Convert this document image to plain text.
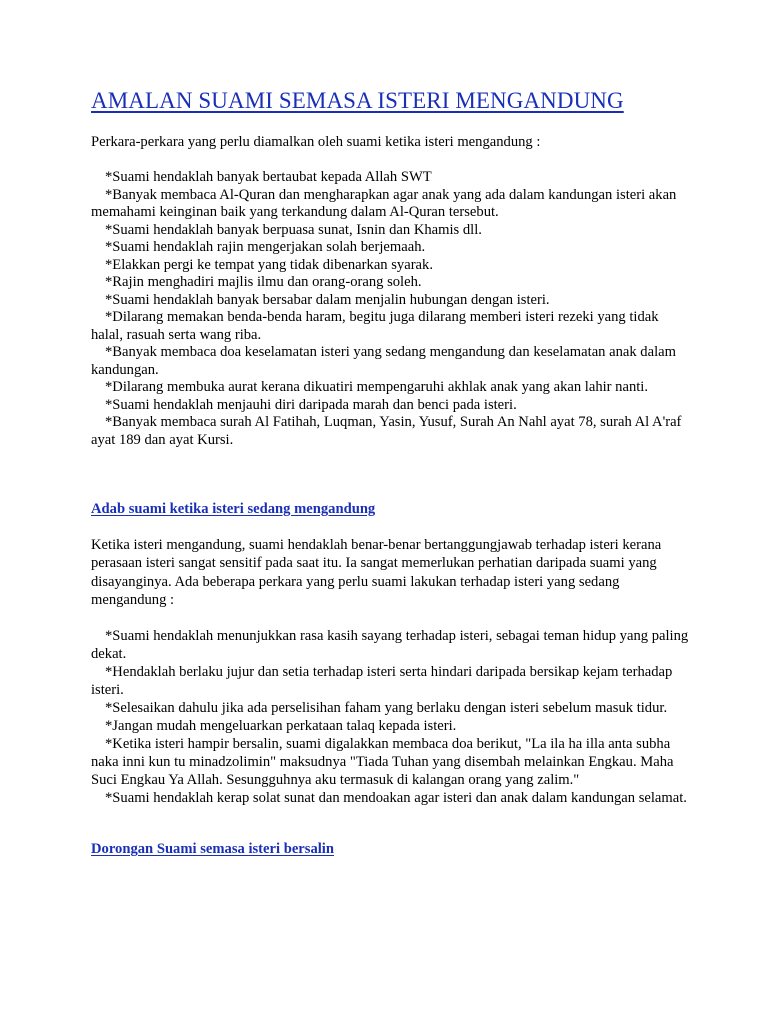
AMALAN SUAMI SEMASA ISTERI MENGANDUNG

Perkara-perkara yang perlu diamalkan oleh suami ketika isteri mengandung :

*Suami hendaklah banyak bertaubat kepada Allah SWT
*Banyak membaca Al-Quran dan mengharapkan agar anak yang ada dalam kandungan isteri akan memahami keinginan baik yang terkandung dalam Al-Quran tersebut.
*Suami hendaklah banyak berpuasa sunat, Isnin dan Khamis dll.
*Suami hendaklah rajin mengerjakan solah berjemaah.
*Elakkan pergi ke tempat yang tidak dibenarkan syarak.
*Rajin menghadiri majlis ilmu dan orang-orang soleh.
*Suami hendaklah banyak bersabar dalam menjalin hubungan dengan isteri.
*Dilarang memakan benda-benda haram, begitu juga dilarang memberi isteri rezeki yang tidak halal, rasuah serta wang riba.
*Banyak membaca doa keselamatan isteri yang sedang mengandung dan keselamatan anak dalam kandungan.
*Dilarang membuka aurat kerana dikuatiri mempengaruhi akhlak anak yang akan lahir nanti.
*Suami hendaklah menjauhi diri daripada marah dan benci pada isteri.
*Banyak membaca surah Al Fatihah, Luqman, Yasin, Yusuf, Surah An Nahl ayat 78, surah Al A'raf ayat 189 dan ayat Kursi.
Adab suami ketika isteri sedang mengandung

Ketika isteri mengandung, suami hendaklah benar-benar bertanggungjawab terhadap isteri kerana perasaan isteri sangat sensitif pada saat itu. Ia sangat memerlukan perhatian daripada suami yang disayanginya. Ada beberapa perkara yang perlu suami lakukan terhadap isteri yang sedang mengandung :

*Suami hendaklah menunjukkan rasa kasih sayang terhadap isteri, sebagai teman hidup yang paling dekat.
*Hendaklah berlaku jujur dan setia terhadap isteri serta hindari daripada bersikap kejam terhadap isteri.
*Selesaikan dahulu jika ada perselisihan faham yang berlaku dengan isteri sebelum masuk tidur.
*Jangan mudah mengeluarkan perkataan talaq kepada isteri.
*Ketika isteri hampir bersalin, suami digalakkan membaca doa berikut, "La ila ha illa anta subha naka inni kun tu minadzolimin" maksudnya "Tiada Tuhan yang disembah melainkan Engkau. Maha Suci Engkau Ya Allah. Sesungguhnya aku termasuk di kalangan orang yang zalim."
*Suami hendaklah kerap solat sunat dan mendoakan agar isteri dan anak dalam kandungan selamat.
Dorongan Suami semasa isteri bersalin
